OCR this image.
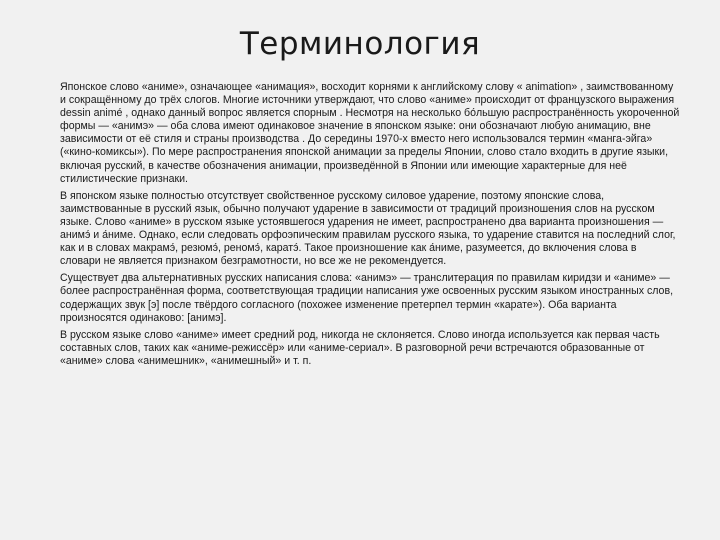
Терминология

Японское слово «аниме», означающее «анимация», восходит корнями к английскому слову « animation» , заимствованному и сокращённому до трёх слогов. Многие источники утверждают, что слово «аниме» происходит от французского выражения dessin animé , однако данный вопрос является спорным . Несмотря на несколько бо́льшую распространённость укороченной формы — «анимэ» — оба слова имеют одинаковое значение в японском языке: они обозначают любую анимацию, вне зависимости от её стиля и страны производства . До середины 1970-х вместо него использовался термин «манга-эйга» («кино-комиксы»). По мере распространения японской анимации за пределы Японии, слово стало входить в другие языки, включая русский, в качестве обозначения анимации, произведённой в Японии или имеющие характерные для неё стилистические признаки.

В японском языке полностью отсутствует свойственное русскому силовое ударение, поэтому японские слова, заимствованные в русский язык, обычно получают ударение в зависимости от традиций произношения слов на русском языке. Слово «аниме» в русском языке устоявшегося ударения не имеет, распространено два варианта произношения — анимэ́ и а́ниме. Однако, если следовать орфоэпическим правилам русского языка, то ударение ставится на последний слог, как и в словах макрамэ́, резюмэ́, реномэ́, каратэ́. Такое произношение как а́ниме, разумеется, до включения слова в словари не является признаком безграмотности, но все же не рекомендуется.

Существует два альтернативных русских написания слова: «анимэ» — транслитерация по правилам киридзи и «аниме» — более распространённая форма, соответствующая традиции написания уже освоенных русским языком иностранных слов, содержащих звук [э] после твёрдого согласного (похожее изменение претерпел термин «карате»). Оба варианта произносятся одинаково: [анимэ].

В русском языке слово «аниме» имеет средний род, никогда не склоняется. Слово иногда используется как первая часть составных слов, таких как «аниме-режиссёр» или «аниме-сериал». В разговорной речи встречаются образованные от «аниме» слова «анимешник», «анимешный» и т. п.
